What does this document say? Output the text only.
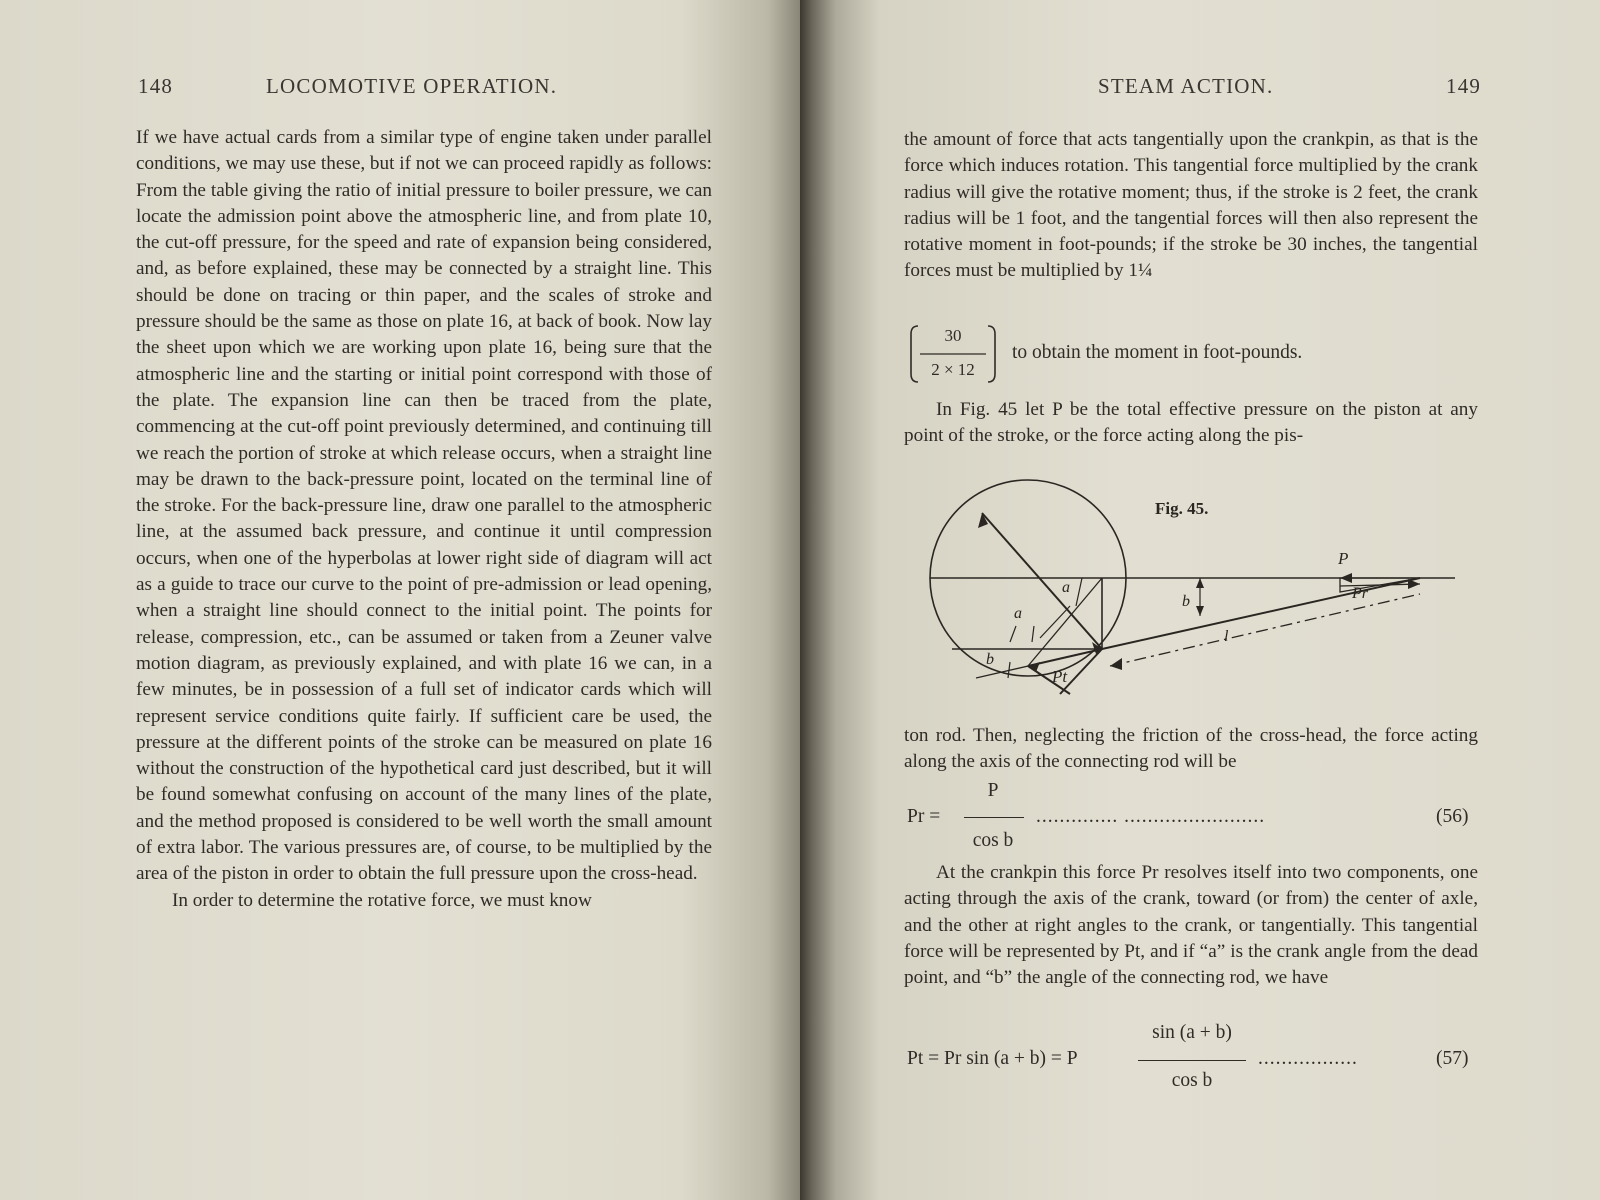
148	LOCOMOTIVE OPERATION.

If we have actual cards from a similar type of engine taken under parallel conditions, we may use these, but if not we can proceed rapidly as follows: From the table giving the ratio of initial pressure to boiler pressure, we can locate the admission point above the atmospheric line, and from plate 10, the cut-off pressure, for the speed and rate of expansion being considered, and, as before explained, these may be connected by a straight line. This should be done on tracing or thin paper, and the scales of stroke and pressure should be the same as those on plate 16, at back of book. Now lay the sheet upon which we are working upon plate 16, being sure that the atmospheric line and the starting or initial point correspond with those of the plate. The expansion line can then be traced from the plate, commencing at the cut-off point previously determined, and continuing till we reach the portion of stroke at which release occurs, when a straight line may be drawn to the back-pressure point, located on the terminal line of the stroke. For the back-pressure line, draw one parallel to the atmospheric line, at the assumed back pressure, and continue it until compression occurs, when one of the hyperbolas at lower right side of diagram will act as a guide to trace our curve to the point of pre-admission or lead opening, when a straight line should connect to the initial point. The points for release, compression, etc., can be assumed or taken from a Zeuner valve motion diagram, as previously explained, and with plate 16 we can, in a few minutes, be in possession of a full set of indicator cards which will represent service conditions quite fairly. If sufficient care be used, the pressure at the different points of the stroke can be measured on plate 16 without the construction of the hypothetical card just described, but it will be found somewhat confusing on account of the many lines of the plate, and the method proposed is considered to be well worth the small amount of extra labor. The various pressures are, of course, to be multiplied by the area of the piston in order to obtain the full pressure upon the cross-head.

In order to determine the rotative force, we must know

STEAM ACTION.	149
the amount of force that acts tangentially upon the crankpin, as that is the force which induces rotation. This tangential force multiplied by the crank radius will give the rotative moment; thus, if the stroke is 2 feet, the crank radius will be 1 foot, and the tangential forces will then also represent the rotative moment in foot-pounds; if the stroke be 30 inches, the tangential forces must be multiplied by 1¼
30
2 × 12
to obtain the moment in foot-pounds.
In Fig. 45 let P be the total effective pressure on the piston at any point of the stroke, or the force acting along the pis-
Fig. 45.
P
Pr
Pt
a
a
b
b
l
ton rod. Then, neglecting the friction of the cross-head, the force acting along the axis of the connecting rod will be
Pr =
P
cos b
.............. ........................	(56)
At the crankpin this force Pr resolves itself into two components, one acting through the axis of the crank, toward (or from) the center of axle, and the other at right angles to the crank, or tangentially. This tangential force will be represented by Pt, and if “a” is the crank angle from the dead point, and “b” the angle of the connecting rod, we have
Pt = Pr sin (a + b) = P
sin (a + b)
cos b
.................	(57)
